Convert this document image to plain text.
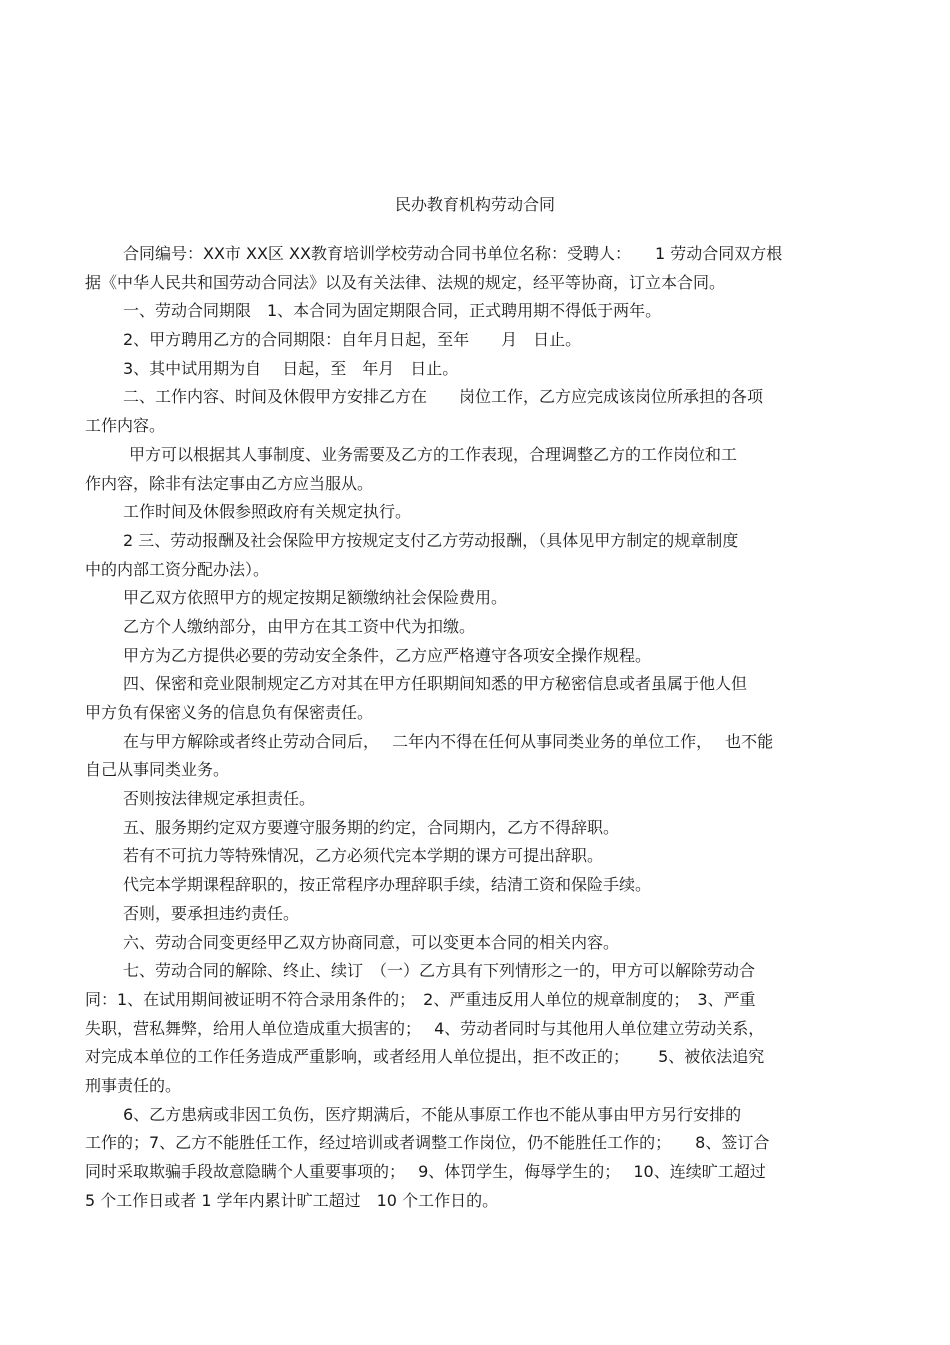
民办教育机构劳动合同
合同编号：XX市 XX区 XX教育培训学校劳动合同书单位名称：受聘人：　　1 劳动合同双方根
据《中华人民共和国劳动合同法》以及有关法律、法规的规定，经平等协商，订立本合同。
一、劳动合同期限　1、本合同为固定期限合同，正式聘用期不得低于两年。
2、甲方聘用乙方的合同期限：自年月日起，至年　　月　日止。
3、其中试用期为自　 日起，至　年月　日止。
二、工作内容、时间及休假甲方安排乙方在　　岗位工作，乙方应完成该岗位所承担的各项
工作内容。
甲方可以根据其人事制度、业务需要及乙方的工作表现，合理调整乙方的工作岗位和工
作内容，除非有法定事由乙方应当服从。
工作时间及休假参照政府有关规定执行。
2 三、劳动报酬及社会保险甲方按规定支付乙方劳动报酬，（具体见甲方制定的规章制度
中的内部工资分配办法）。
甲乙双方依照甲方的规定按期足额缴纳社会保险费用。
乙方个人缴纳部分，由甲方在其工资中代为扣缴。
甲方为乙方提供必要的劳动安全条件，乙方应严格遵守各项安全操作规程。
四、保密和竞业限制规定乙方对其在甲方任职期间知悉的甲方秘密信息或者虽属于他人但
甲方负有保密义务的信息负有保密责任。
在与甲方解除或者终止劳动合同后，　 二年内不得在任何从事同类业务的单位工作，　 也不能
自己从事同类业务。
否则按法律规定承担责任。
五、服务期约定双方要遵守服务期的约定，合同期内，乙方不得辞职。
若有不可抗力等特殊情况，乙方必须代完本学期的课方可提出辞职。
代完本学期课程辞职的，按正常程序办理辞职手续，结清工资和保险手续。
否则，要承担违约责任。
六、劳动合同变更经甲乙双方协商同意，可以变更本合同的相关内容。
七、劳动合同的解除、终止、续订　（一）乙方具有下列情形之一的，甲方可以解除劳动合
同：1、在试用期间被证明不符合录用条件的；　2、严重违反用人单位的规章制度的；　3、严重
失职，营私舞弊，给用人单位造成重大损害的；　 4、劳动者同时与其他用人单位建立劳动关系，
对完成本单位的工作任务造成严重影响，或者经用人单位提出，拒不改正的；　　 5、被依法追究
刑事责任的。
6、乙方患病或非因工负伤，医疗期满后，不能从事原工作也不能从事由甲方另行安排的
工作的；7、乙方不能胜任工作，经过培训或者调整工作岗位，仍不能胜任工作的；　　8、签订合
同时采取欺骗手段故意隐瞒个人重要事项的；　 9、体罚学生，侮辱学生的；　 10、连续旷工超过
5 个工作日或者 1 学年内累计旷工超过　10 个工作日的。
